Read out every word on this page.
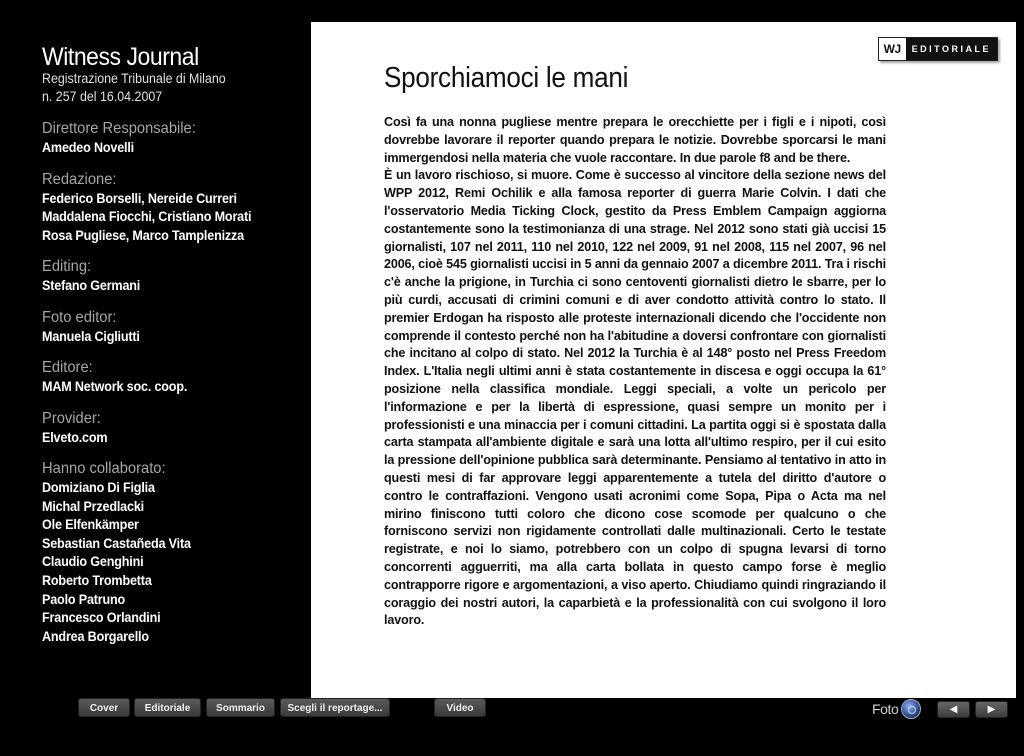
Witness Journal
Registrazione Tribunale di Milano
n. 257 del 16.04.2007
Direttore Responsabile:
Amedeo Novelli
Redazione:
Federico Borselli, Nereide Curreri
Maddalena Fiocchi, Cristiano Morati
Rosa Pugliese, Marco Tamplenizza
Editing:
Stefano Germani
Foto editor:
Manuela Cigliutti
Editore:
MAM Network soc. coop.
Provider:
Elveto.com
Hanno collaborato:
Domiziano Di Figlia
Michal Przedlacki
Ole Elfenkämper
Sebastian Castañeda Vita
Claudio Genghini
Roberto Trombetta
Paolo Patruno
Francesco Orlandini
Andrea Borgarello
WJ	EDITORIALE
Sporchiamoci le mani

Così fa una nonna pugliese mentre prepara le orecchiette per i figli e i nipoti, così dovrebbe lavorare il reporter quando prepara le notizie. Dovrebbe sporcarsi le mani immergendosi nella materia che vuole raccontare. In due parole f8 and be there.

È un lavoro rischioso, si muore. Come è successo al vincitore della sezione news del WPP 2012, Remi Ochilik e alla famosa reporter di guerra Marie Colvin. I dati che l'osservatorio Media Ticking Clock, gestito da Press Emblem Campaign aggiorna costantemente sono la testimonianza di una strage. Nel 2012 sono stati già uccisi 15 giornalisti, 107 nel 2011, 110 nel 2010, 122 nel 2009, 91 nel 2008, 115 nel 2007, 96 nel 2006, cioè 545 giornalisti uccisi in 5 anni da gennaio 2007 a dicembre 2011. Tra i rischi c'è anche la prigione, in Turchia ci sono centoventi giornalisti dietro le sbarre, per lo più curdi, accusati di crimini comuni e di aver condotto attività contro lo stato. Il premier Erdogan ha risposto alle proteste internazionali dicendo che l'occidente non comprende il contesto perché non ha l'abitudine a doversi confrontare con giornalisti che incitano al colpo di stato. Nel 2012 la Turchia è al 148° posto nel Press Freedom Index. L'Italia negli ultimi anni è stata costantemente in discesa e oggi occupa la 61° posizione nella classifica mondiale. Leggi speciali, a volte un pericolo per l'informazione e per la libertà di espressione, quasi sempre un monito per i professionisti e una minaccia per i comuni cittadini. La partita oggi si è spostata dalla carta stampata all'ambiente digitale e sarà una lotta all'ultimo respiro, per il cui esito la pressione dell'opinione pubblica sarà determinante. Pensiamo al tentativo in atto in questi mesi di far approvare leggi apparentemente a tutela del diritto d'autore o contro le contraffazioni. Vengono usati acronimi come Sopa, Pipa o Acta ma nel mirino finiscono tutti coloro che dicono cose scomode per qualcuno o che forniscono servizi non rigidamente controllati dalle multinazionali. Certo le testate registrate, e noi lo siamo, potrebbero con un colpo di spugna levarsi di torno concorrenti agguerriti, ma alla carta bollata in questo campo forse è meglio contrapporre rigore e argomentazioni, a viso aperto. Chiudiamo quindi ringraziando il coraggio dei nostri autori, la caparbietà e la professionalità con cui svolgono il loro lavoro.

Cover	Editoriale	Sommario	Scegli il reportage...	Video	Foto	◀	▶
